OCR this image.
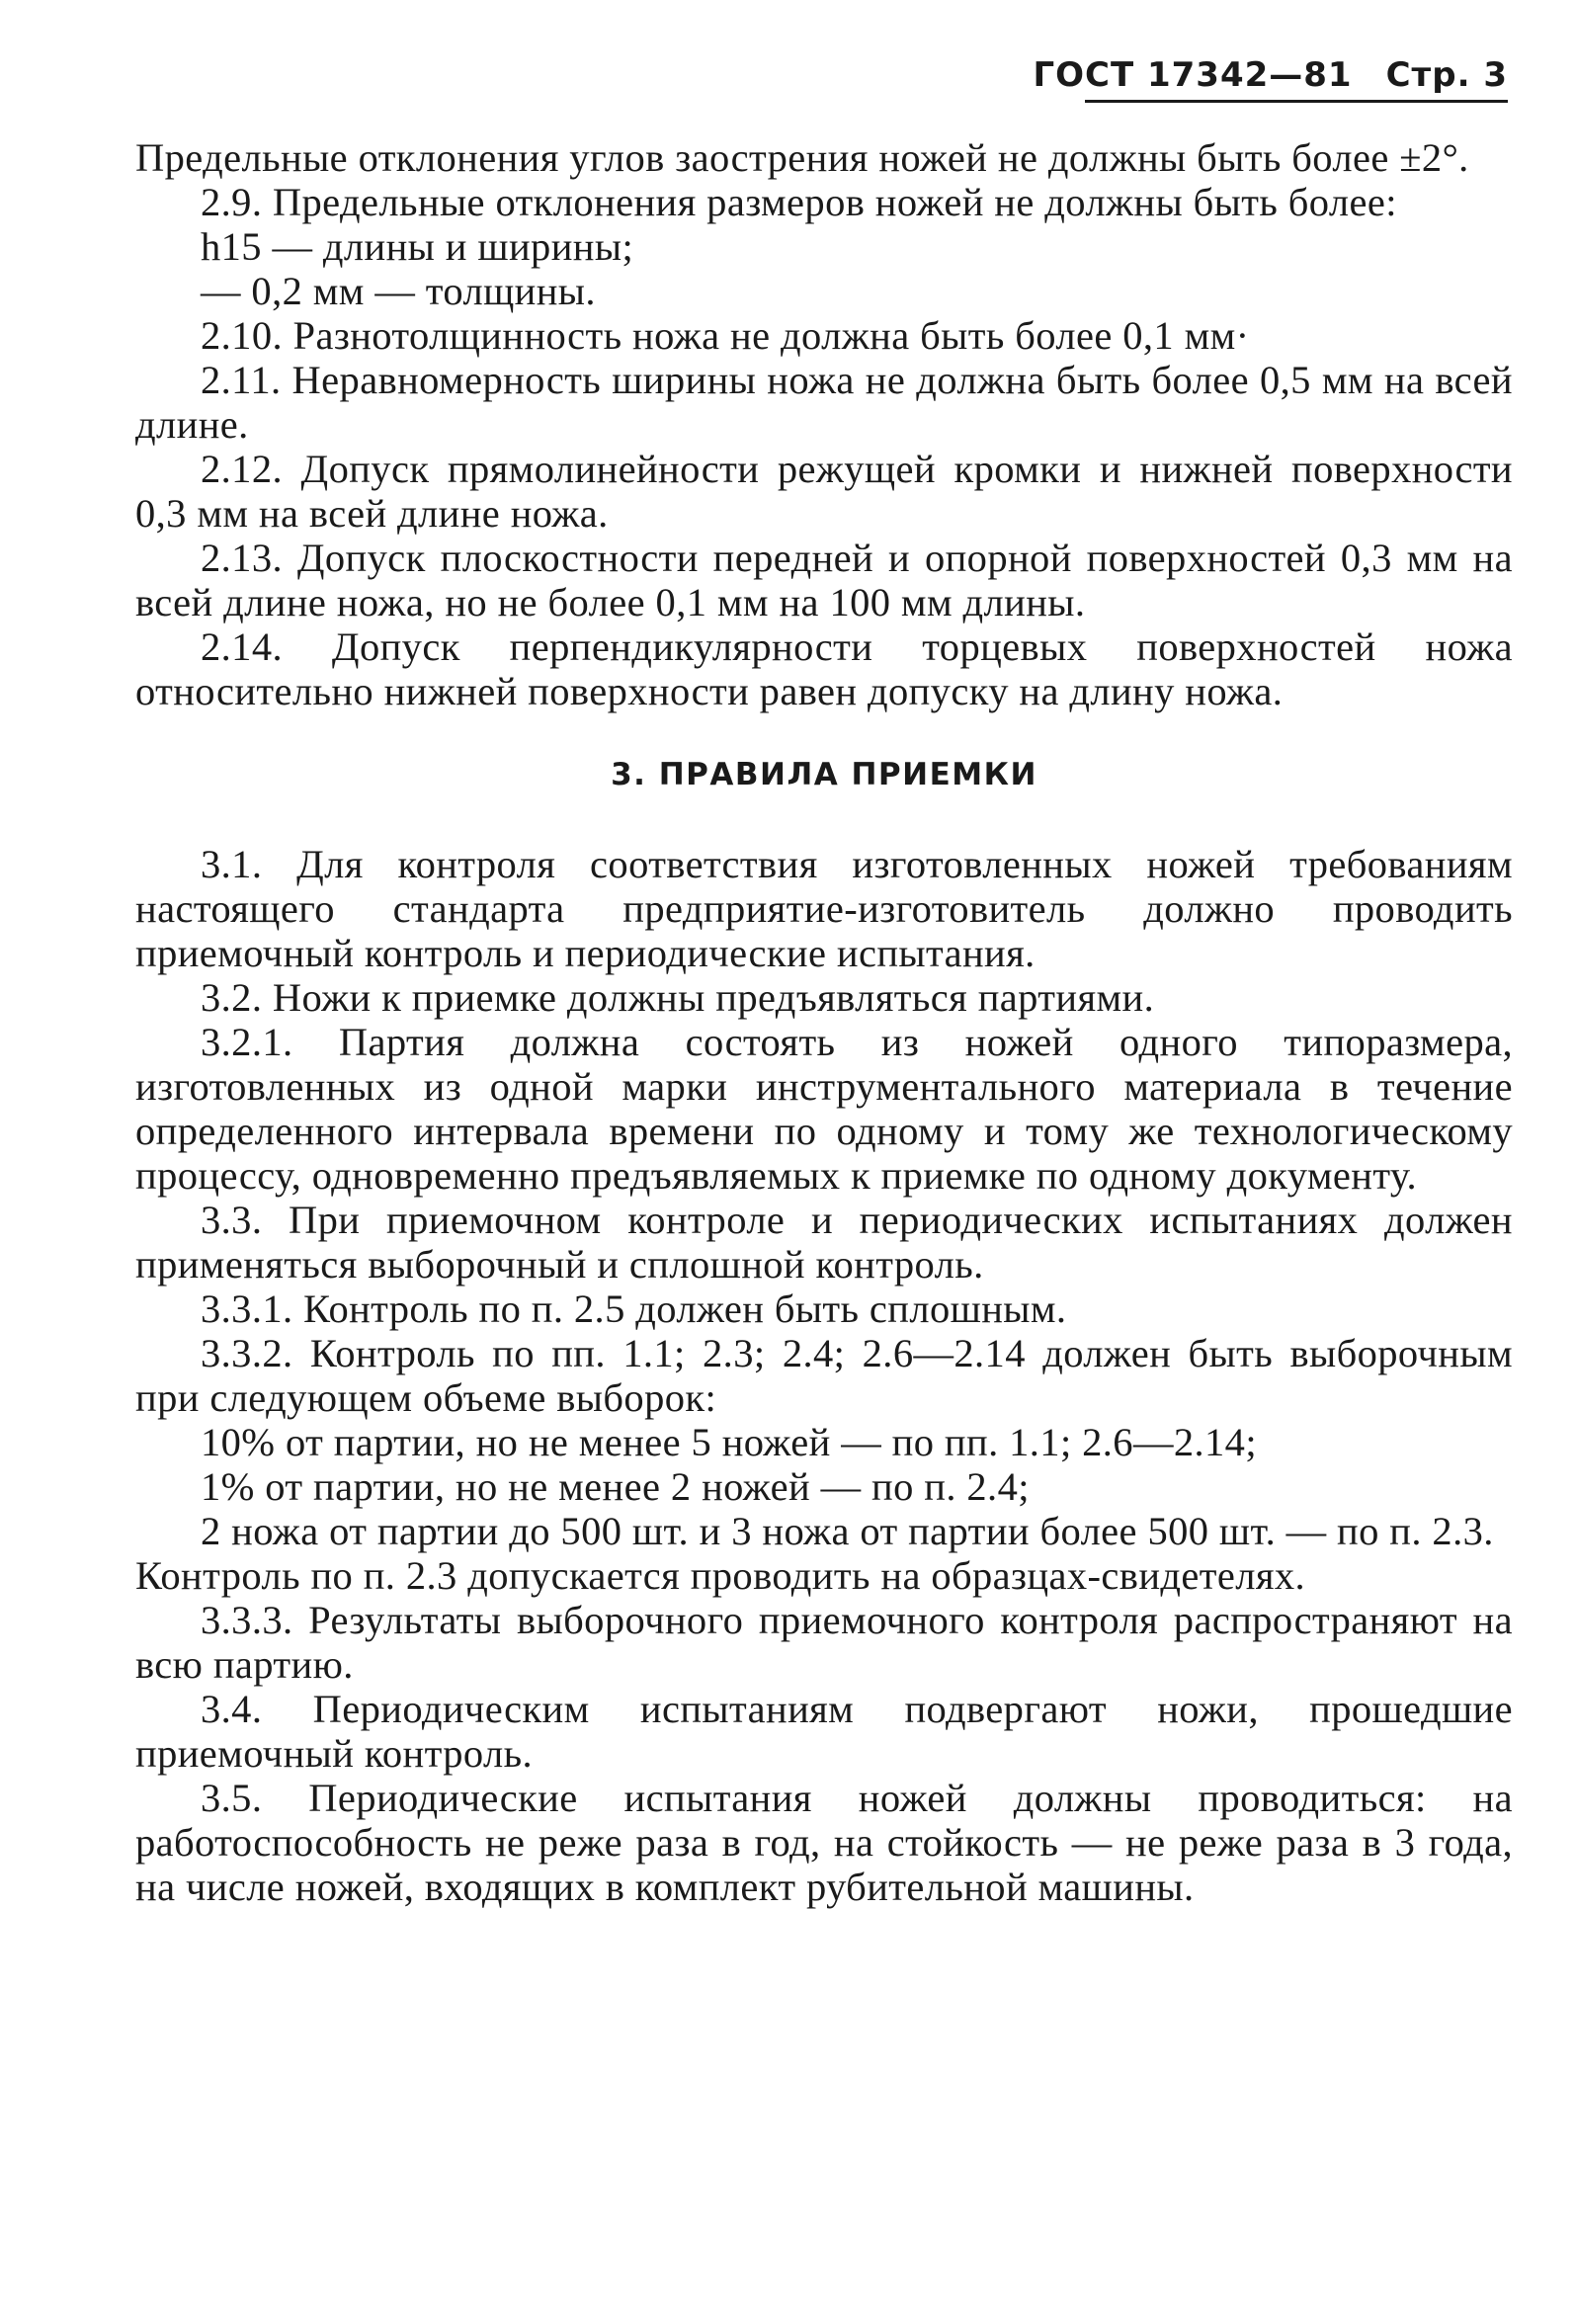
ГОСТ 17342—81 Стр. 3

Предельные отклонения углов заострения ножей не должны быть более ±2°.

2.9. Предельные отклонения размеров ножей не должны быть более:

h15 — длины и ширины;

— 0,2 мм — толщины.

2.10. Разнотолщинность ножа не должна быть более 0,1 мм·

2.11. Неравномерность ширины ножа не должна быть более 0,5 мм на всей длине.

2.12. Допуск прямолинейности режущей кромки и нижней поверхности 0,3 мм на всей длине ножа.

2.13. Допуск плоскостности передней и опорной поверхностей 0,3 мм на всей длине ножа, но не более 0,1 мм на 100 мм длины.

2.14. Допуск перпендикулярности торцевых поверхностей ножа относительно нижней поверхности равен допуску на длину ножа.

3. ПРАВИЛА ПРИЕМКИ

3.1. Для контроля соответствия изготовленных ножей требованиям настоящего стандарта предприятие-изготовитель должно проводить приемочный контроль и периодические испытания.

3.2. Ножи к приемке должны предъявляться партиями.

3.2.1. Партия должна состоять из ножей одного типоразмера, изготовленных из одной марки инструментального материала в течение определенного интервала времени по одному и тому же технологическому процессу, одновременно предъявляемых к приемке по одному документу.

3.3. При приемочном контроле и периодических испытаниях должен применяться выборочный и сплошной контроль.

3.3.1. Контроль по п. 2.5 должен быть сплошным.

3.3.2. Контроль по пп. 1.1; 2.3; 2.4; 2.6—2.14 должен быть выборочным при следующем объеме выборок:

10% от партии, но не менее 5 ножей — по пп. 1.1; 2.6—2.14;

1% от партии, но не менее 2 ножей — по п. 2.4;

2 ножа от партии до 500 шт. и 3 ножа от партии более 500 шт. — по п. 2.3.

Контроль по п. 2.3 допускается проводить на образцах-свидетелях.

3.3.3. Результаты выборочного приемочного контроля распространяют на всю партию.

3.4. Периодическим испытаниям подвергают ножи, прошедшие приемочный контроль.

3.5. Периодические испытания ножей должны проводиться: на работоспособность не реже раза в год, на стойкость — не реже раза в 3 года, на числе ножей, входящих в комплект рубительной машины.
